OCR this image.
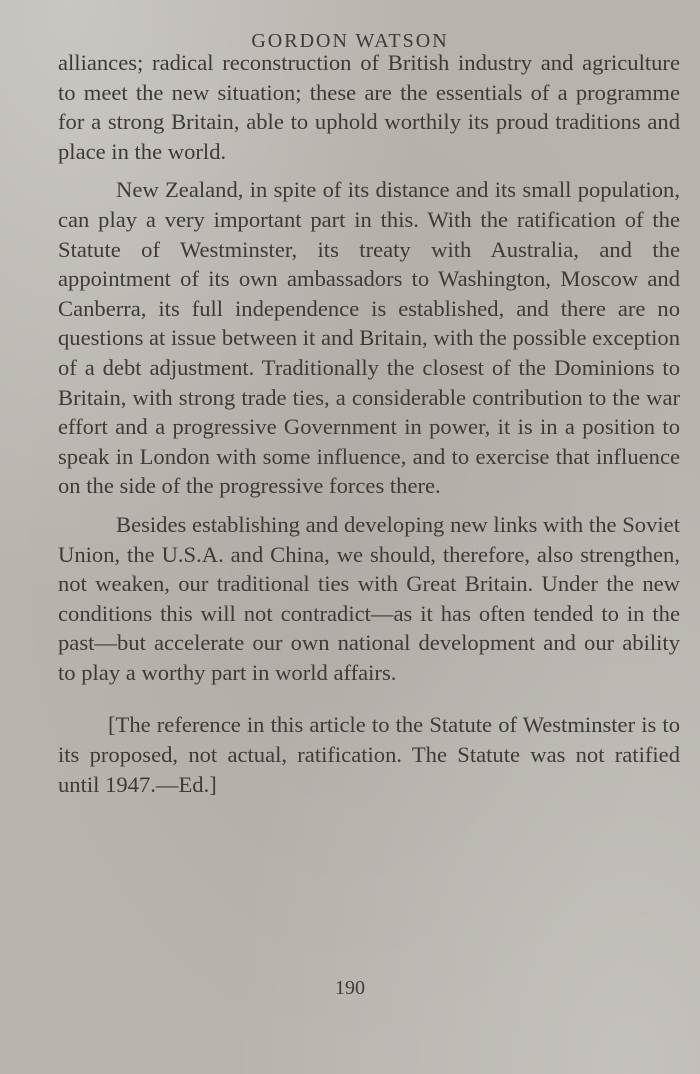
GORDON WATSON

alliances; radical reconstruction of British industry and agriculture to meet the new situation; these are the essentials of a programme for a strong Britain, able to uphold worthily its proud traditions and place in the world.

New Zealand, in spite of its distance and its small population, can play a very important part in this. With the ratification of the Statute of Westminster, its treaty with Australia, and the appointment of its own ambassadors to Washington, Moscow and Canberra, its full independence is established, and there are no questions at issue between it and Britain, with the possible exception of a debt adjustment. Traditionally the closest of the Dominions to Britain, with strong trade ties, a considerable contribution to the war effort and a progressive Government in power, it is in a position to speak in London with some influence, and to exercise that influence on the side of the progressive forces there.

Besides establishing and developing new links with the Soviet Union, the U.S.A. and China, we should, therefore, also strengthen, not weaken, our traditional ties with Great Britain. Under the new conditions this will not contradict—as it has often tended to in the past—but accelerate our own national development and our ability to play a worthy part in world affairs.

[The reference in this article to the Statute of Westminster is to its proposed, not actual, ratification. The Statute was not ratified until 1947.—Ed.]

190
